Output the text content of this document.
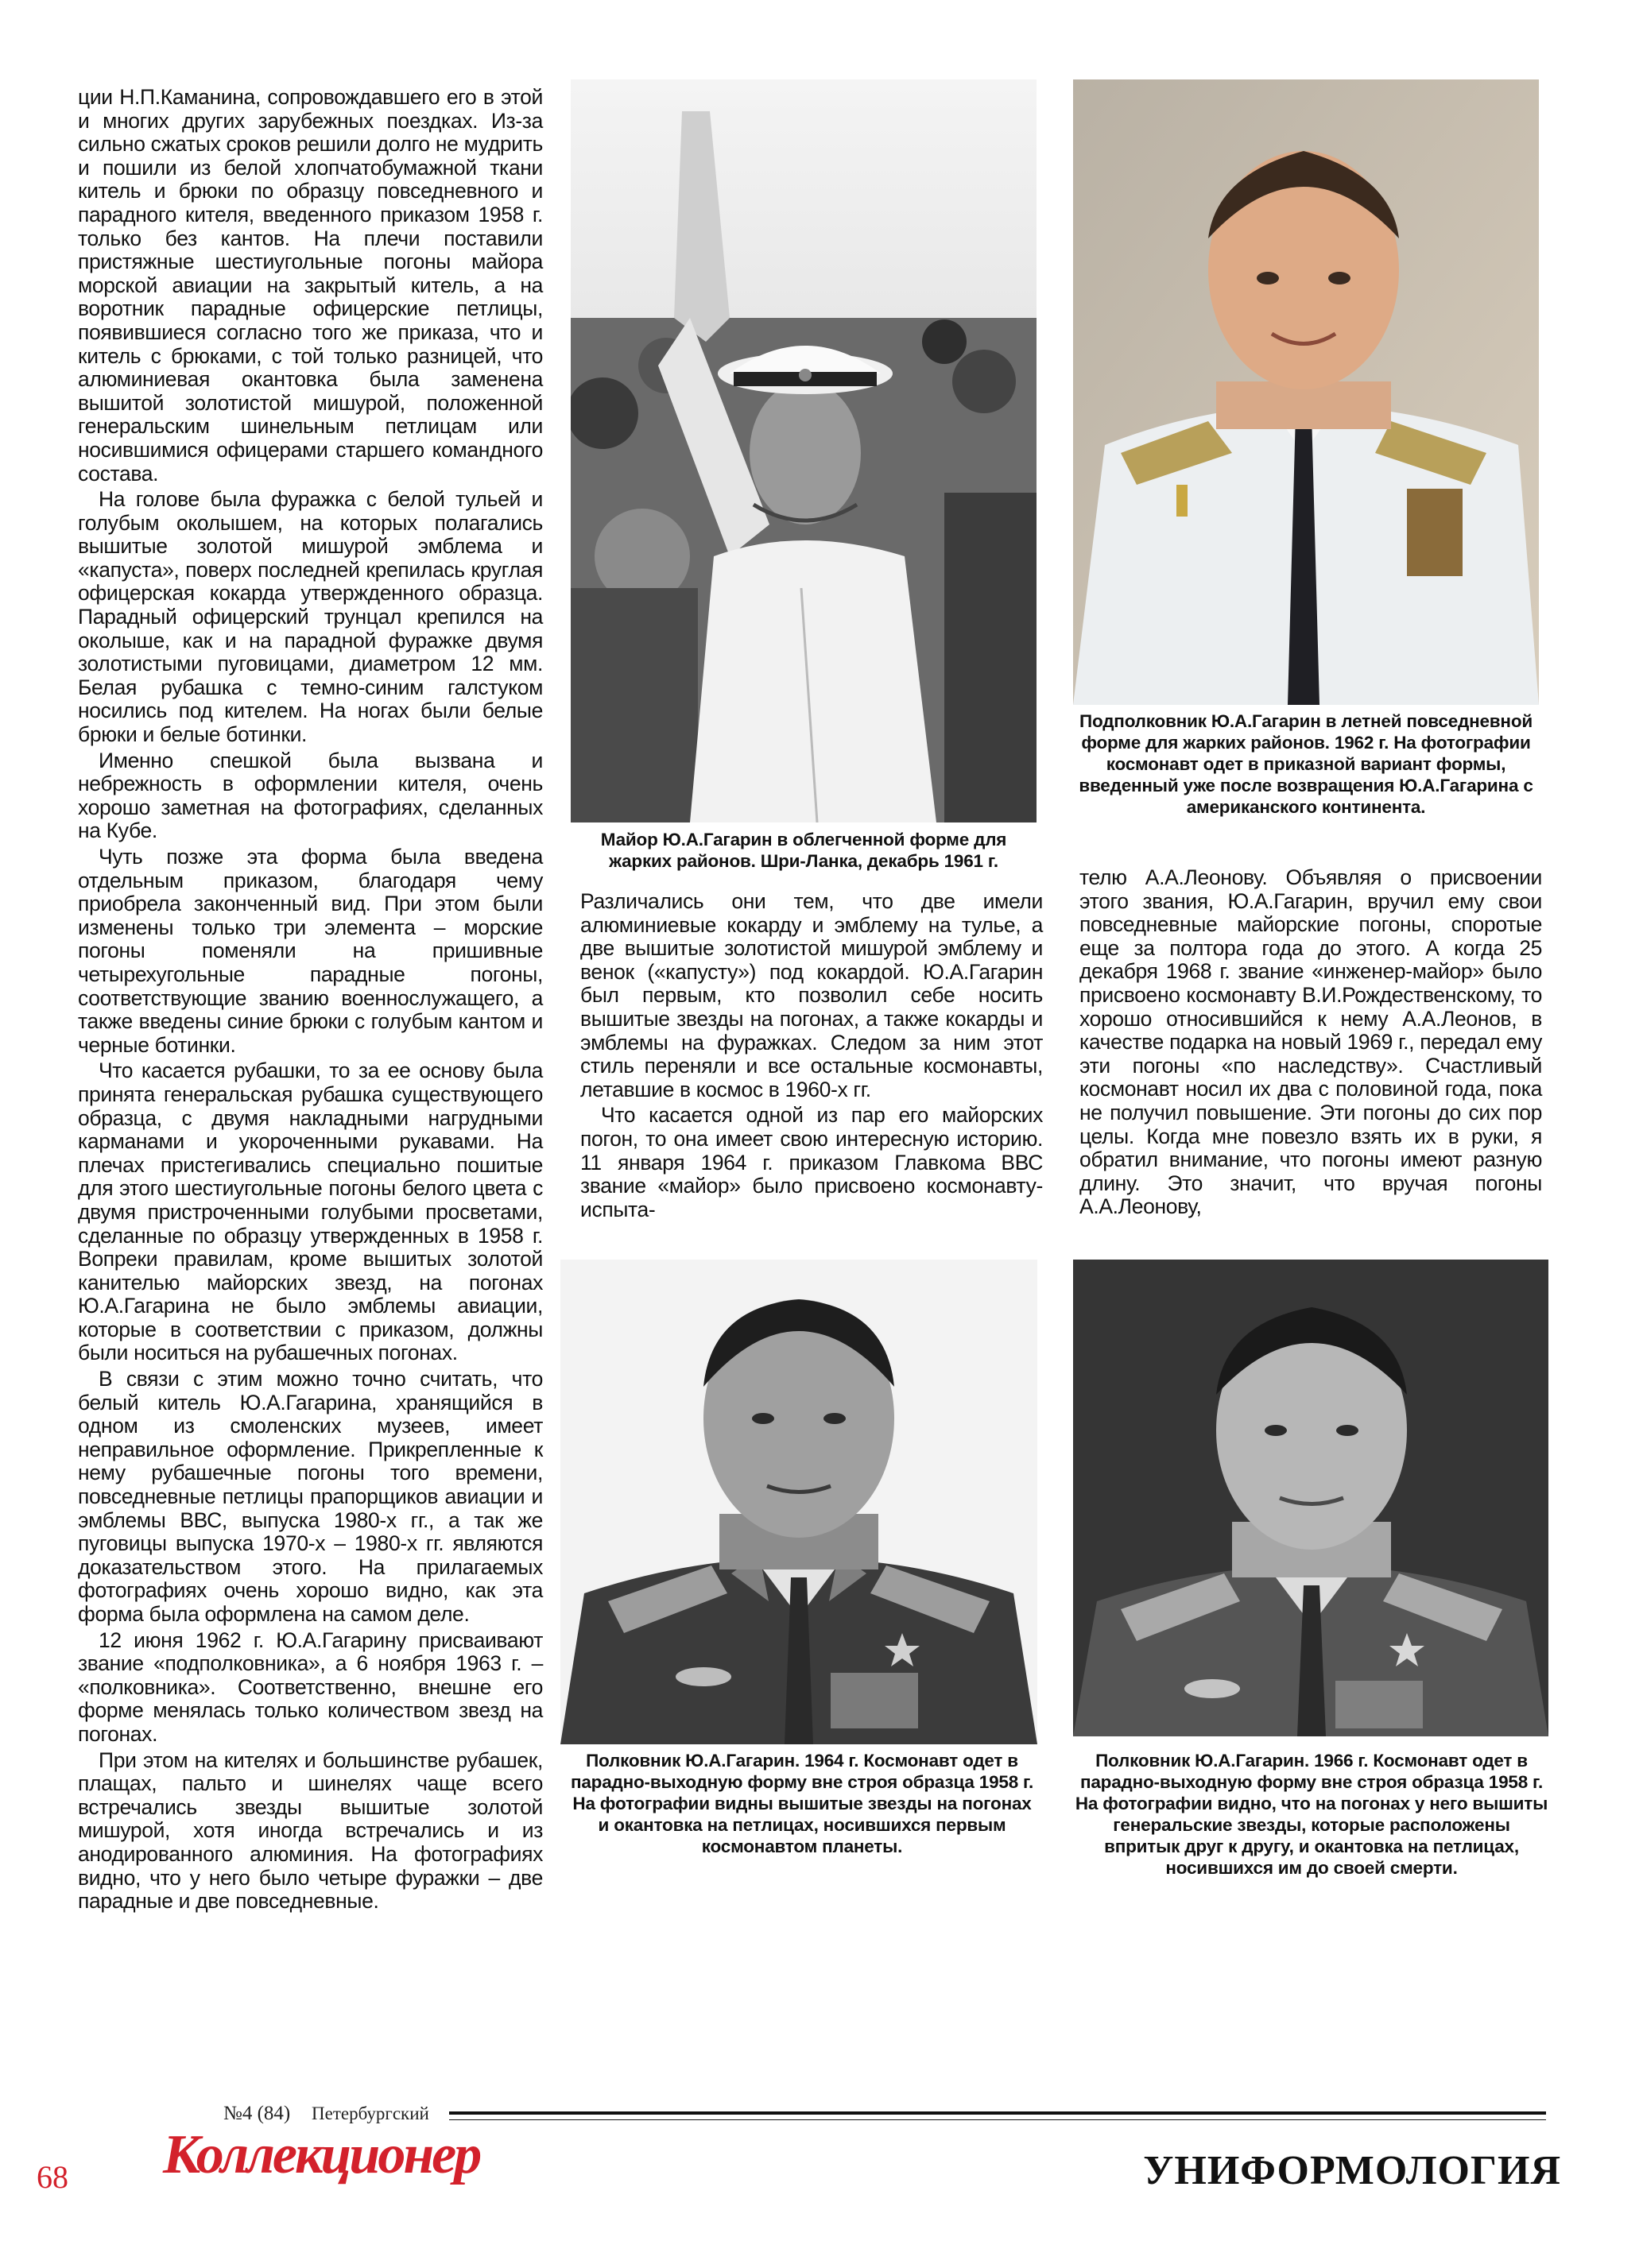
ции Н.П.Каманина, сопровождавшего его в этой и многих других зарубежных поездках. Из-за сильно сжатых сроков решили долго не мудрить и пошили из белой хлопчатобумажной ткани китель и брюки по образцу повседневного и парадного кителя, введенного приказом 1958 г. только без кантов. На плечи поставили пристяжные шестиугольные погоны майора морской авиации на закрытый китель, а на воротник парадные офицерские петлицы, появившиеся согласно того же приказа, что и китель с брюками, с той только разницей, что алюминиевая окантовка была заменена вышитой золотистой мишурой, положенной генеральским шинельным петлицам или носившимися офицерами старшего командного состава.

На голове была фуражка с белой тульей и голубым околышем, на которых полагались вышитые золотой мишурой эмблема и «капуста», поверх последней крепилась круглая офицерская кокарда утвержденного образца. Парадный офицерский трунцал крепился на околыше, как и на парадной фуражке двумя золотистыми пуговицами, диаметром 12 мм. Белая рубашка с темно-синим галстуком носились под кителем. На ногах были белые брюки и белые ботинки.

Именно спешкой была вызвана и небрежность в оформлении кителя, очень хорошо заметная на фотографиях, сделанных на Кубе.

Чуть позже эта форма была введена отдельным приказом, благодаря чему приобрела законченный вид. При этом были изменены только три элемента – морские погоны поменяли на пришивные четырехугольные парадные погоны, соответствующие званию военнослужащего, а также введены синие брюки с голубым кантом и черные ботинки.

Что касается рубашки, то за ее основу была принята генеральская рубашка существующего образца, с двумя накладными нагрудными карманами и укороченными рукавами. На плечах пристегивались специально пошитые для этого шестиугольные погоны белого цвета с двумя пристроченными голубыми просветами, сделанные по образцу утвержденных в 1958 г. Вопреки правилам, кроме вышитых золотой канителью майорских звезд, на погонах Ю.А.Гагарина не было эмблемы авиации, которые в соответствии с приказом, должны были носиться на рубашечных погонах.

В связи с этим можно точно считать, что белый китель Ю.А.Гагарина, хранящийся в одном из смоленских музеев, имеет неправильное оформление. Прикрепленные к нему рубашечные погоны того времени, повседневные петлицы прапорщиков авиации и эмблемы ВВС, выпуска 1980-х гг., а так же пуговицы выпуска 1970-х – 1980-х гг. являются доказательством этого. На прилагаемых фотографиях очень хорошо видно, как эта форма была оформлена на самом деле.

12 июня 1962 г. Ю.А.Гагарину присваивают звание «подполковника», а 6 ноября 1963 г. – «полковника». Соответственно, внешне его форме менялась только количеством звезд на погонах.

При этом на кителях и большинстве рубашек, плащах, пальто и шинелях чаще всего встречались звезды вышитые золотой мишурой, хотя иногда встречались и из анодированного алюминия. На фотографиях видно, что у него было четыре фуражки – две парадные и две повседневные.

Майор Ю.А.Гагарин в облегченной форме для жарких районов. Шри-Ланка, декабрь 1961 г.
Подполковник Ю.А.Гагарин в летней повседневной форме для жарких районов. 1962 г. На фотографии космонавт одет в приказной вариант формы, введенный уже после возвращения Ю.А.Гагарина с американского континента.

Различались они тем, что две имели алюминиевые кокарду и эмблему на тулье, а две вышитые золотистой мишурой эмблему и венок («капусту») под кокардой. Ю.А.Гагарин был первым, кто позволил себе носить вышитые звезды на погонах, а также кокарды и эмблемы на фуражках. Следом за ним этот стиль переняли и все остальные космонавты, летавшие в космос в 1960-х гг.

Что касается одной из пар его майорских погон, то она имеет свою интересную историю. 11 января 1964 г. приказом Главкома ВВС звание «майор» было присвоено космонавту-испыта-

телю А.А.Леонову. Объявляя о присвоении этого звания, Ю.А.Гагарин, вручил ему свои повседневные майорские погоны, споротые еще за полтора года до этого. А когда 25 декабря 1968 г. звание «инженер-майор» было присвоено космонавту В.И.Рождественскому, то хорошо относившийся к нему А.А.Леонов, в качестве подарка на новый 1969 г., передал ему эти погоны «по наследству». Счастливый космонавт носил их два с половиной года, пока не получил повышение. Эти погоны до сих пор целы. Когда мне повезло взять их в руки, я обратил внимание, что погоны имеют разную длину. Это значит, что вручая погоны А.А.Леонову,

Полковник Ю.А.Гагарин. 1964 г. Космонавт одет в парадно-выходную форму вне строя образца 1958 г. На фотографии видны вышитые звезды на погонах и окантовка на петлицах, носившихся первым космонавтом планеты.
Полковник Ю.А.Гагарин. 1966 г. Космонавт одет в парадно-выходную форму вне строя образца 1958 г. На фотографии видно, что на погонах у него вышиты генеральские звезды, которые расположены впритык друг к другу, и окантовка на петлицах, носившихся им до своей смерти.
68
№4 (84) Петербургский
Коллекционер	УНИФОРМОЛОГИЯ
